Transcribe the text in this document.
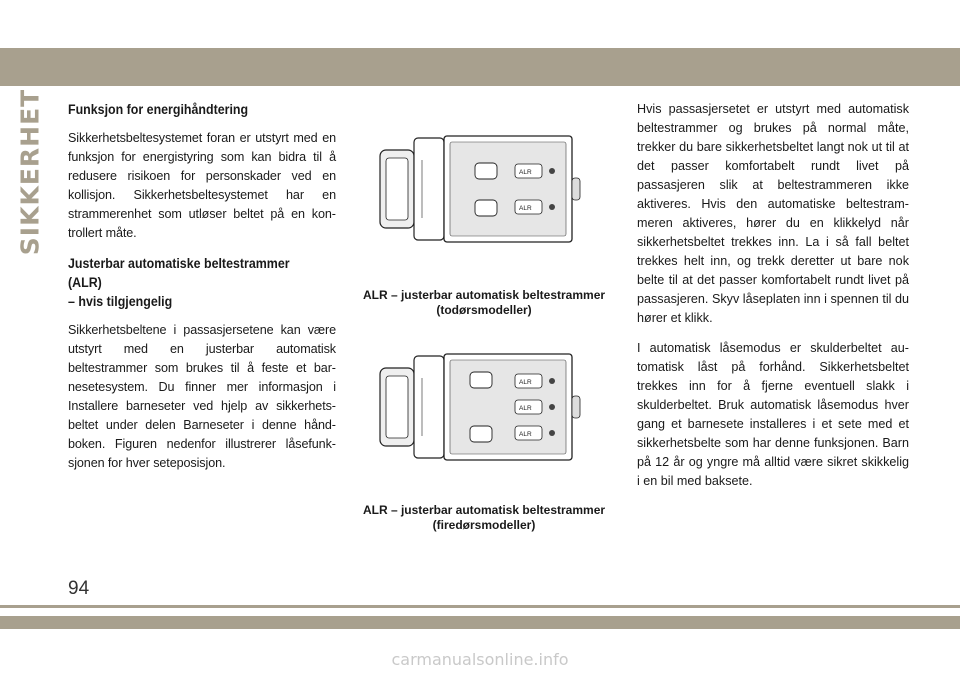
SIKKERHET Funksjon for energihåndtering

Sikkerhetsbeltesystemet foran er utstyrt med en funksjon for energistyring som kan bidra til å redusere risikoen for personskader ved en kollisjon. Sikkerhetsbeltesystemet har en strammerenhet som utløser beltet på en kontrollert måte.

Justerbar automatiske beltestrammer (ALR)
– hvis tilgjengelig

Sikkerhetsbeltene i passasjersetene kan være utstyrt med en justerbar automatisk beltestrammer som brukes til å feste et barnesetesystem. Du finner mer informasjon i Installere barneseter ved hjelp av sikkerhetsbeltet under delen Barneseter i denne håndboken. Figuren nedenfor illustrerer låsefunksjonen for hver seteposisjon.

ALR
ALR
ALR – justerbar automatisk beltestrammer
(todørsmodeller)
ALR
ALR
ALR
ALR – justerbar automatisk beltestrammer
(firedørsmodeller)

Hvis passasjersetet er utstyrt med automatisk beltestrammer og brukes på normal måte, trekker du bare sikkerhetsbeltet langt nok ut til at det passer komfortabelt rundt livet på passasjeren slik at beltestrammeren ikke aktiveres. Hvis den automatiske beltestrammeren aktiveres, hører du en klikkelyd når sikkerhetsbeltet trekkes inn. La i så fall beltet trekkes helt inn, og trekk deretter ut bare nok belte til at det passer komfortabelt rundt livet på passasjeren. Skyv låseplaten inn i spennen til du hører et klikk.

I automatisk låsemodus er skulderbeltet automatisk låst på forhånd. Sikkerhetsbeltet trekkes inn for å fjerne eventuell slakk i skulderbeltet. Bruk automatisk låsemodus hver gang et barnesete installeres i et sete med et sikkerhetsbelte som har denne funksjonen. Barn på 12 år og yngre må alltid være sikret skikkelig i en bil med baksete.

94
carmanualsonline.info
